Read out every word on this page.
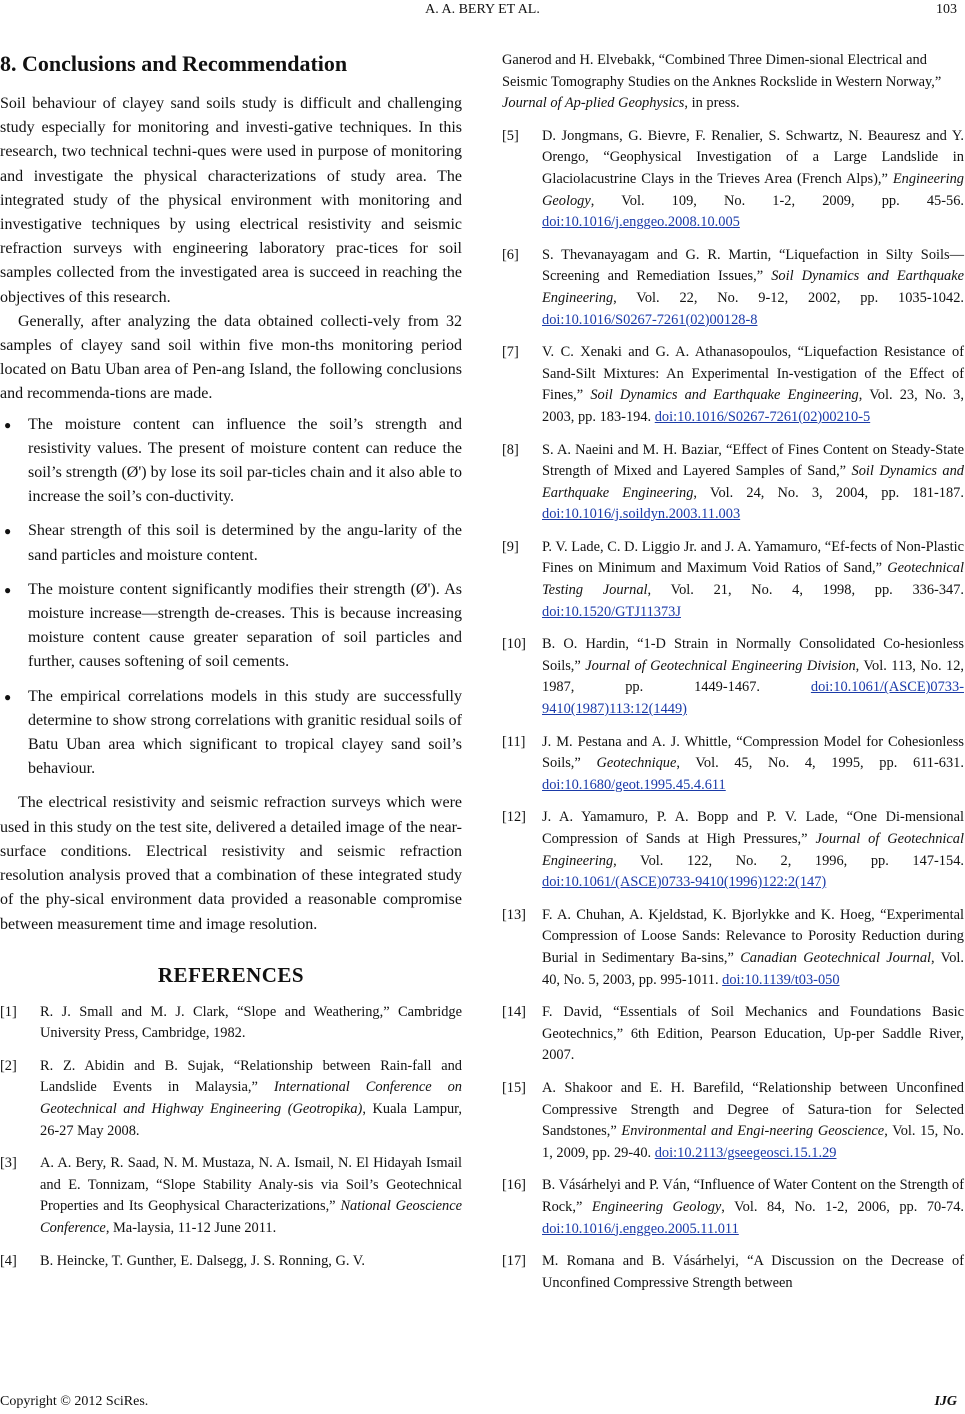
A. A. BERY ET AL.	103
8. Conclusions and Recommendation

Soil behaviour of clayey sand soils study is difficult and challenging study especially for monitoring and investi-gative techniques. In this research, two technical techni-ques were used in purpose of monitoring and investigate the physical characterizations of study area. The integrated study of the physical environment with monitoring and investigative techniques by using electrical resistivity and seismic refraction surveys with engineering laboratory prac-tices for soil samples collected from the investigated area is succeed in reaching the objectives of this research.

Generally, after analyzing the data obtained collecti-vely from 32 samples of clayey sand soil within five mon-ths monitoring period located on Batu Uban area of Pen-ang Island, the following conclusions and recommenda-tions are made.

● The moisture content can influence the soil’s strength and resistivity values. The present of moisture content can reduce the soil’s strength (Ø') by lose its soil par-ticles chain and it also able to increase the soil’s con-ductivity.
● Shear strength of this soil is determined by the angu-larity of the sand particles and moisture content.
● The moisture content significantly modifies their strength (Ø'). As moisture increase—strength de-creases. This is because increasing moisture content cause greater separation of soil particles and further, causes softening of soil cements.
● The empirical correlations models in this study are successfully determine to show strong correlations with granitic residual soils of Batu Uban area which significant to tropical clayey sand soil’s behaviour.

The electrical resistivity and seismic refraction surveys which were used in this study on the test site, delivered a detailed image of the near-surface conditions. Electrical resistivity and seismic refraction resolution analysis proved that a combination of these integrated study of the phy-sical environment data provided a reasonable compromise between measurement time and image resolution.

REFERENCES
[1]	R. J. Small and M. J. Clark, “Slope and Weathering,” Cambridge University Press, Cambridge, 1982.
[2]	R. Z. Abidin and B. Sujak, “Relationship between Rain-fall and Landslide Events in Malaysia,” International Conference on Geotechnical and Highway Engineering (Geotropika), Kuala Lampur, 26-27 May 2008.
[3]	A. A. Bery, R. Saad, N. M. Mustaza, N. A. Ismail, N. El Hidayah Ismail and E. Tonnizam, “Slope Stability Analy-sis via Soil’s Geotechnical Properties and Its Geophysical Characterizations,” National Geoscience Conference, Ma-laysia, 11-12 June 2011.
[4]	B. Heincke, T. Gunther, E. Dalsegg, J. S. Ronning, G. V.
Ganerod and H. Elvebakk, “Combined Three Dimen-sional Electrical and Seismic Tomography Studies on the Anknes Rockslide in Western Norway,” Journal of Ap-plied Geophysics, in press.
[5]	D. Jongmans, G. Bievre, F. Renalier, S. Schwartz, N. Beauresz and Y. Orengo, “Geophysical Investigation of a Large Landslide in Glaciolacustrine Clays in the Trieves Area (French Alps),” Engineering Geology, Vol. 109, No. 1-2, 2009, pp. 45-56. doi:10.1016/j.enggeo.2008.10.005
[6]	S. Thevanayagam and G. R. Martin, “Liquefaction in Silty Soils—Screening and Remediation Issues,” Soil Dynamics and Earthquake Engineering, Vol. 22, No. 9-12, 2002, pp. 1035-1042. doi:10.1016/S0267-7261(02)00128-8
[7]	V. C. Xenaki and G. A. Athanasopoulos, “Liquefaction Resistance of Sand-Silt Mixtures: An Experimental In-vestigation of the Effect of Fines,” Soil Dynamics and Earthquake Engineering, Vol. 23, No. 3, 2003, pp. 183-194. doi:10.1016/S0267-7261(02)00210-5
[8]	S. A. Naeini and M. H. Baziar, “Effect of Fines Content on Steady-State Strength of Mixed and Layered Samples of Sand,” Soil Dynamics and Earthquake Engineering, Vol. 24, No. 3, 2004, pp. 181-187. doi:10.1016/j.soildyn.2003.11.003
[9]	P. V. Lade, C. D. Liggio Jr. and J. A. Yamamuro, “Ef-fects of Non-Plastic Fines on Minimum and Maximum Void Ratios of Sand,” Geotechnical Testing Journal, Vol. 21, No. 4, 1998, pp. 336-347. doi:10.1520/GTJ11373J
[10]	B. O. Hardin, “1-D Strain in Normally Consolidated Co-hesionless Soils,” Journal of Geotechnical Engineering Division, Vol. 113, No. 12, 1987, pp. 1449-1467. doi:10.1061/(ASCE)0733-9410(1987)113:12(1449)
[11]	J. M. Pestana and A. J. Whittle, “Compression Model for Cohesionless Soils,” Geotechnique, Vol. 45, No. 4, 1995, pp. 611-631. doi:10.1680/geot.1995.45.4.611
[12]	J. A. Yamamuro, P. A. Bopp and P. V. Lade, “One Di-mensional Compression of Sands at High Pressures,” Journal of Geotechnical Engineering, Vol. 122, No. 2, 1996, pp. 147-154. doi:10.1061/(ASCE)0733-9410(1996)122:2(147)
[13]	F. A. Chuhan, A. Kjeldstad, K. Bjorlykke and K. Hoeg, “Experimental Compression of Loose Sands: Relevance to Porosity Reduction during Burial in Sedimentary Ba-sins,” Canadian Geotechnical Journal, Vol. 40, No. 5, 2003, pp. 995-1011. doi:10.1139/t03-050
[14]	F. David, “Essentials of Soil Mechanics and Foundations Basic Geotechnics,” 6th Edition, Pearson Education, Up-per Saddle River, 2007.
[15]	A. Shakoor and E. H. Barefild, “Relationship between Unconfined Compressive Strength and Degree of Satura-tion for Selected Sandstones,” Environmental and Engi-neering Geoscience, Vol. 15, No. 1, 2009, pp. 29-40. doi:10.2113/gseegeosci.15.1.29
[16]	B. Vásárhelyi and P. Ván, “Influence of Water Content on the Strength of Rock,” Engineering Geology, Vol. 84, No. 1-2, 2006, pp. 70-74. doi:10.1016/j.enggeo.2005.11.011
[17]	M. Romana and B. Vásárhelyi, “A Discussion on the Decrease of Unconfined Compressive Strength between
Copyright © 2012 SciRes.	IJG
